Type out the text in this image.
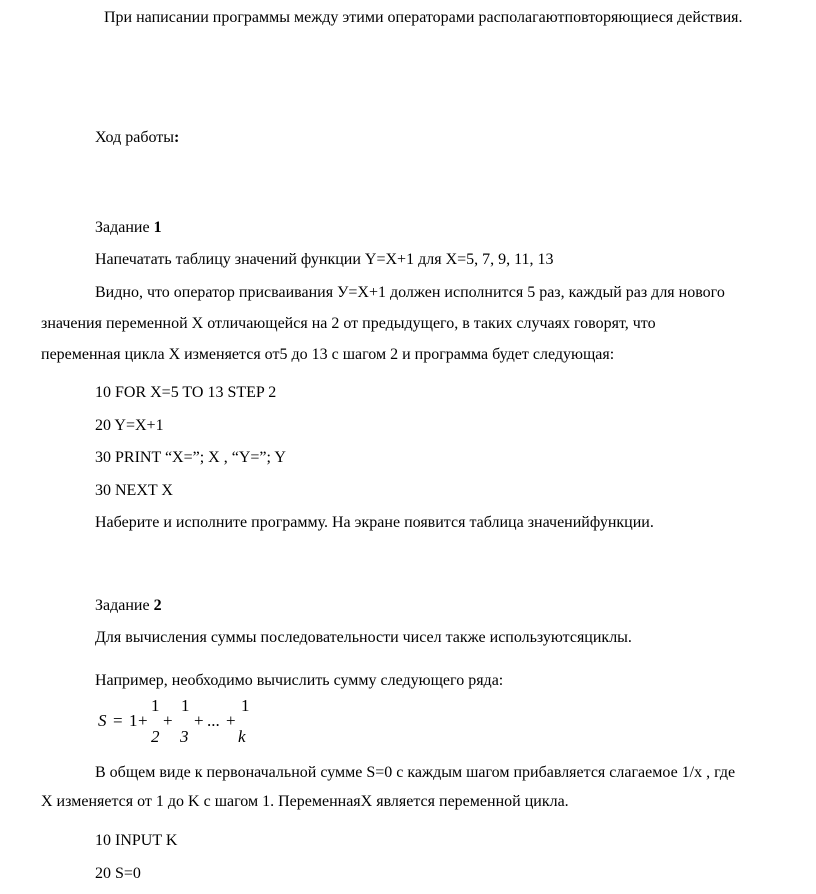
При написании программы между этими операторами располагаютповторяющиеся действия.
Ход работы:
Задание 1
Напечатать таблицу значений функции Y=X+1 для X=5, 7, 9, 11, 13
Видно, что оператор присваивания У=Х+1 должен исполнится 5 раз, каждый раз для нового
значения переменной X отличающейся на 2 от предыдущего, в таких случаях говорят, что
переменная цикла X изменяется от5 до 13 с шагом 2 и программа будет следующая:
10 FOR X=5 TO 13 STEP 2
20 Y=X+1
30 PRINT “X=”; X , “Y=”; Y
30 NEXT X
Наберите и исполните программу. На экране появится таблица значенийфункции.
Задание 2
Для вычисления суммы последовательности чисел также используютсяциклы.
Например, необходимо вычислить сумму следующего ряда:
S = 1 +
1
2
+
1
3
+ ... +
1
k
В общем виде к первоначальной сумме S=0 с каждым шагом прибавляется слагаемое 1/х , где
X изменяется от 1 до K с шагом 1. ПеременнаяX является переменной цикла.
10 INPUT K
20 S=0
